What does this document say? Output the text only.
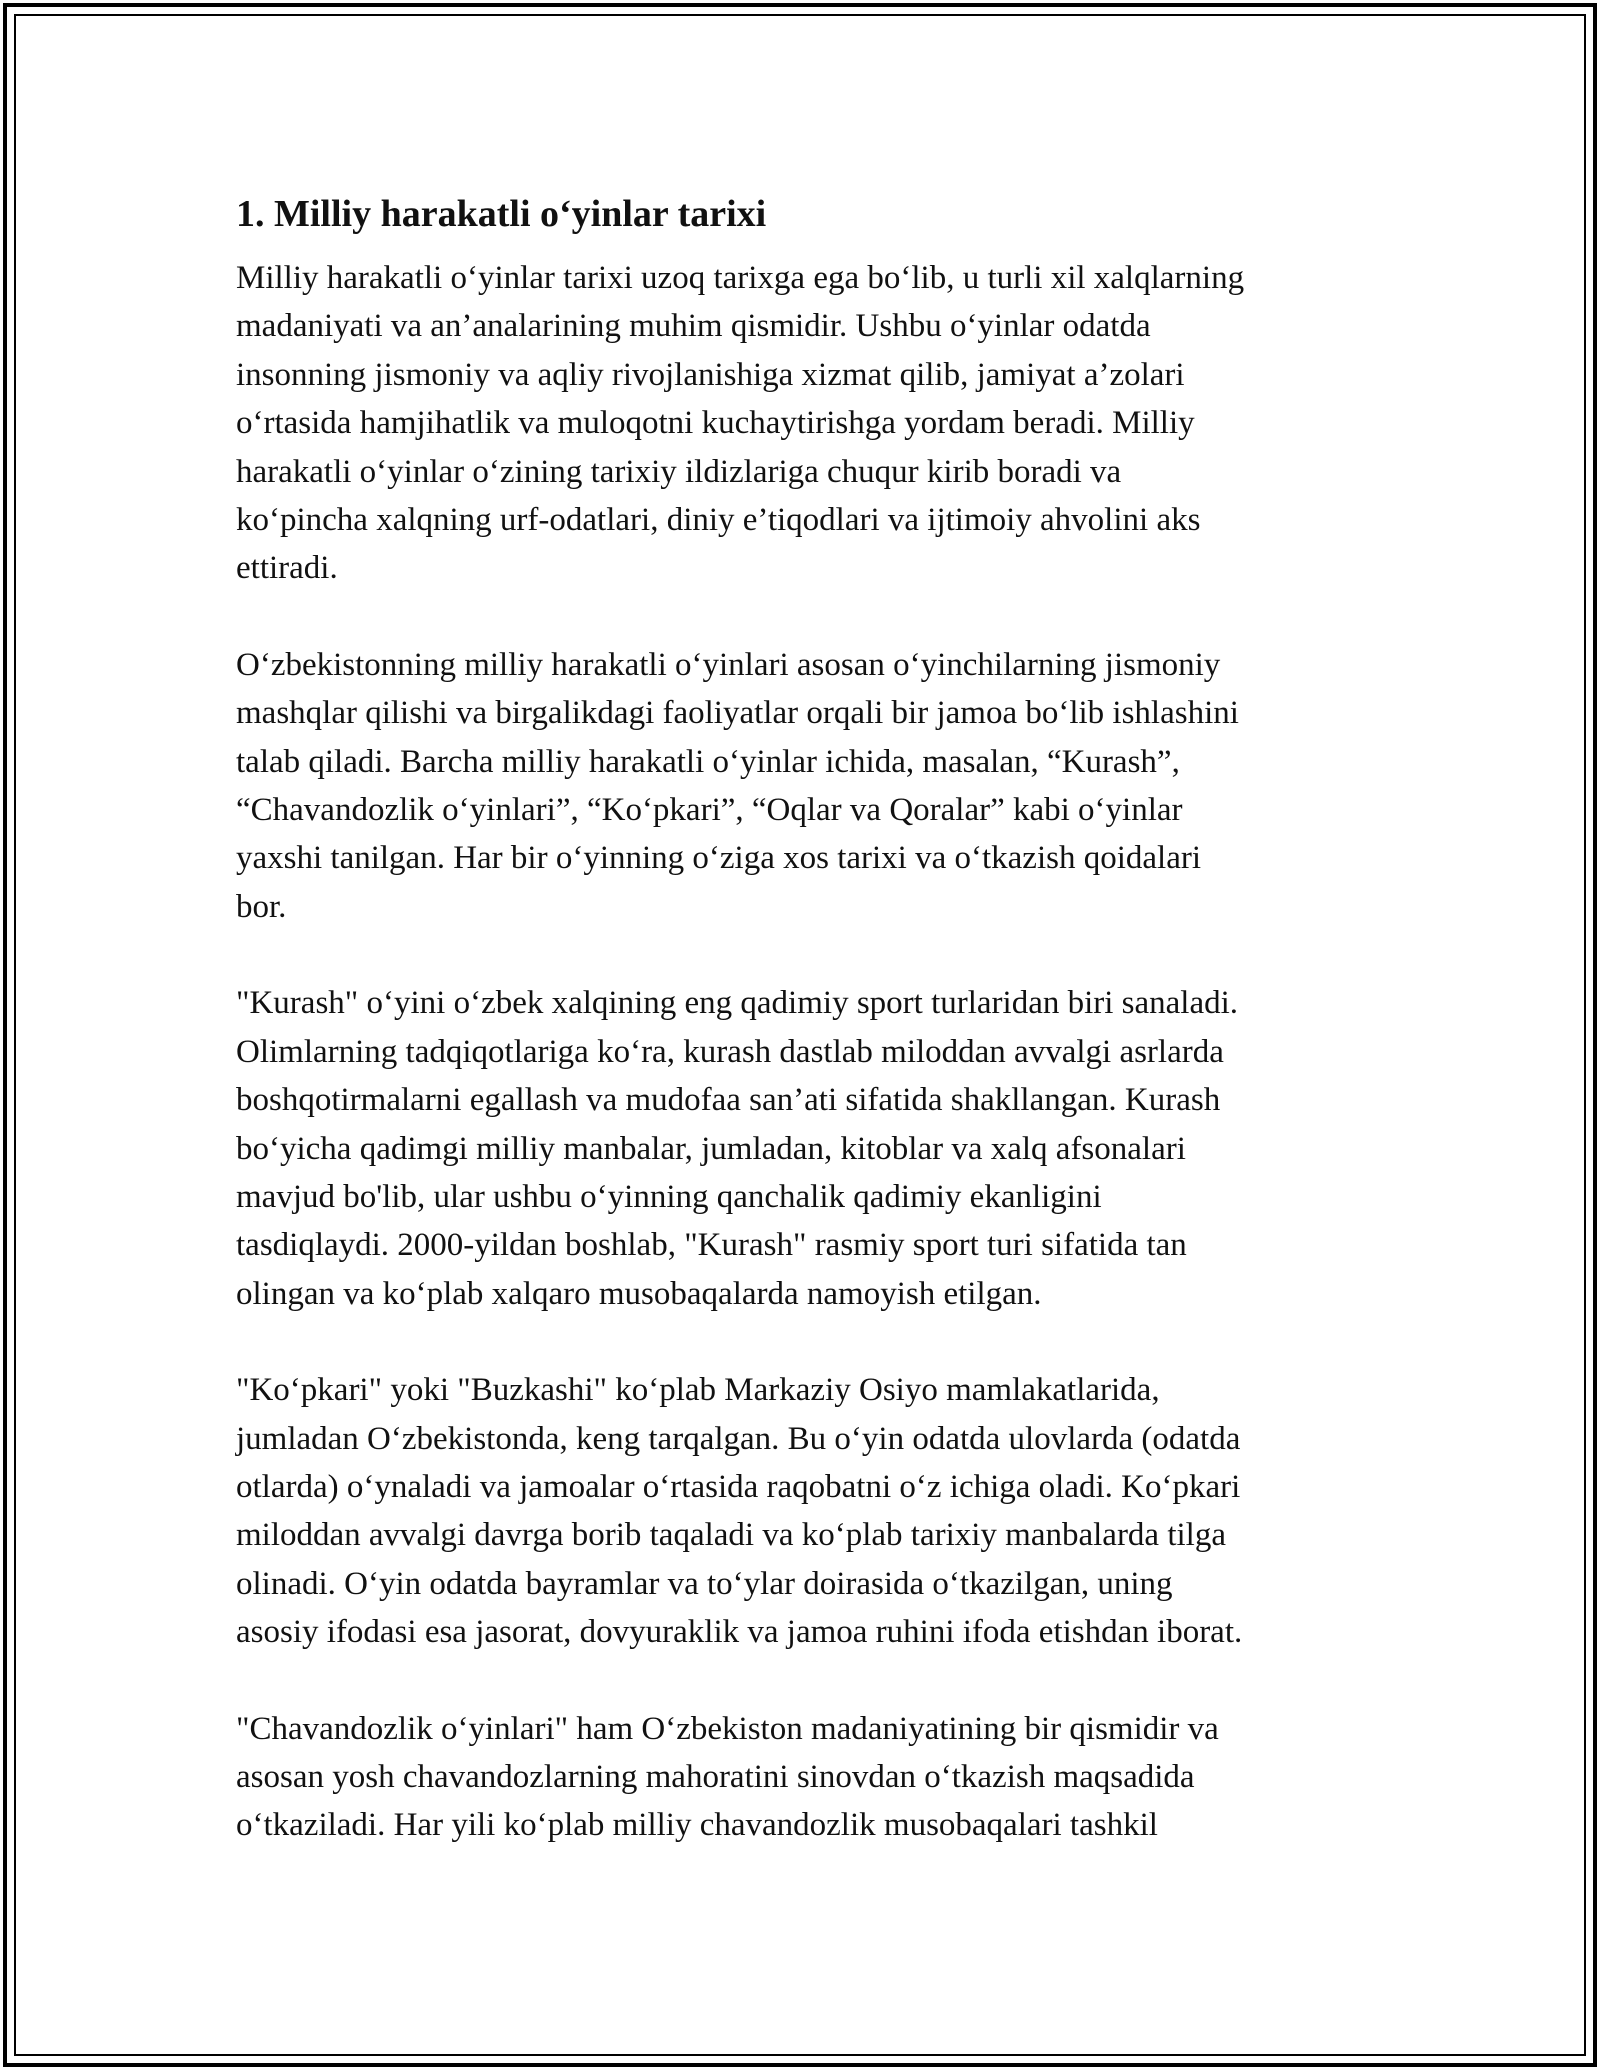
1. Milliy harakatli o‘yinlar tarixi

Milliy harakatli o‘yinlar tarixi uzoq tarixga ega bo‘lib, u turli xil xalqlarning
madaniyati va an’analarining muhim qismidir. Ushbu o‘yinlar odatda
insonning jismoniy va aqliy rivojlanishiga xizmat qilib, jamiyat a’zolari
o‘rtasida hamjihatlik va muloqotni kuchaytirishga yordam beradi. Milliy
harakatli o‘yinlar o‘zining tarixiy ildizlariga chuqur kirib boradi va
ko‘pincha xalqning urf-odatlari, diniy e’tiqodlari va ijtimoiy ahvolini aks
ettiradi.

O‘zbekistonning milliy harakatli o‘yinlari asosan o‘yinchilarning jismoniy
mashqlar qilishi va birgalikdagi faoliyatlar orqali bir jamoa bo‘lib ishlashini
talab qiladi. Barcha milliy harakatli o‘yinlar ichida, masalan, “Kurash”,
“Chavandozlik o‘yinlari”, “Ko‘pkari”, “Oqlar va Qoralar” kabi o‘yinlar
yaxshi tanilgan. Har bir o‘yinning o‘ziga xos tarixi va o‘tkazish qoidalari
bor.

"Kurash" o‘yini o‘zbek xalqining eng qadimiy sport turlaridan biri sanaladi.
Olimlarning tadqiqotlariga ko‘ra, kurash dastlab miloddan avvalgi asrlarda
boshqotirmalarni egallash va mudofaa san’ati sifatida shakllangan. Kurash
bo‘yicha qadimgi milliy manbalar, jumladan, kitoblar va xalq afsonalari
mavjud bo'lib, ular ushbu o‘yinning qanchalik qadimiy ekanligini
tasdiqlaydi. 2000-yildan boshlab, "Kurash" rasmiy sport turi sifatida tan
olingan va ko‘plab xalqaro musobaqalarda namoyish etilgan.

"Ko‘pkari" yoki "Buzkashi" ko‘plab Markaziy Osiyo mamlakatlarida,
jumladan O‘zbekistonda, keng tarqalgan. Bu o‘yin odatda ulovlarda (odatda
otlarda) o‘ynaladi va jamoalar o‘rtasida raqobatni o‘z ichiga oladi. Ko‘pkari
miloddan avvalgi davrga borib taqaladi va ko‘plab tarixiy manbalarda tilga
olinadi. O‘yin odatda bayramlar va to‘ylar doirasida o‘tkazilgan, uning
asosiy ifodasi esa jasorat, dovyuraklik va jamoa ruhini ifoda etishdan iborat.

"Chavandozlik o‘yinlari" ham O‘zbekiston madaniyatining bir qismidir va
asosan yosh chavandozlarning mahoratini sinovdan o‘tkazish maqsadida
o‘tkaziladi. Har yili ko‘plab milliy chavandozlik musobaqalari tashkil
